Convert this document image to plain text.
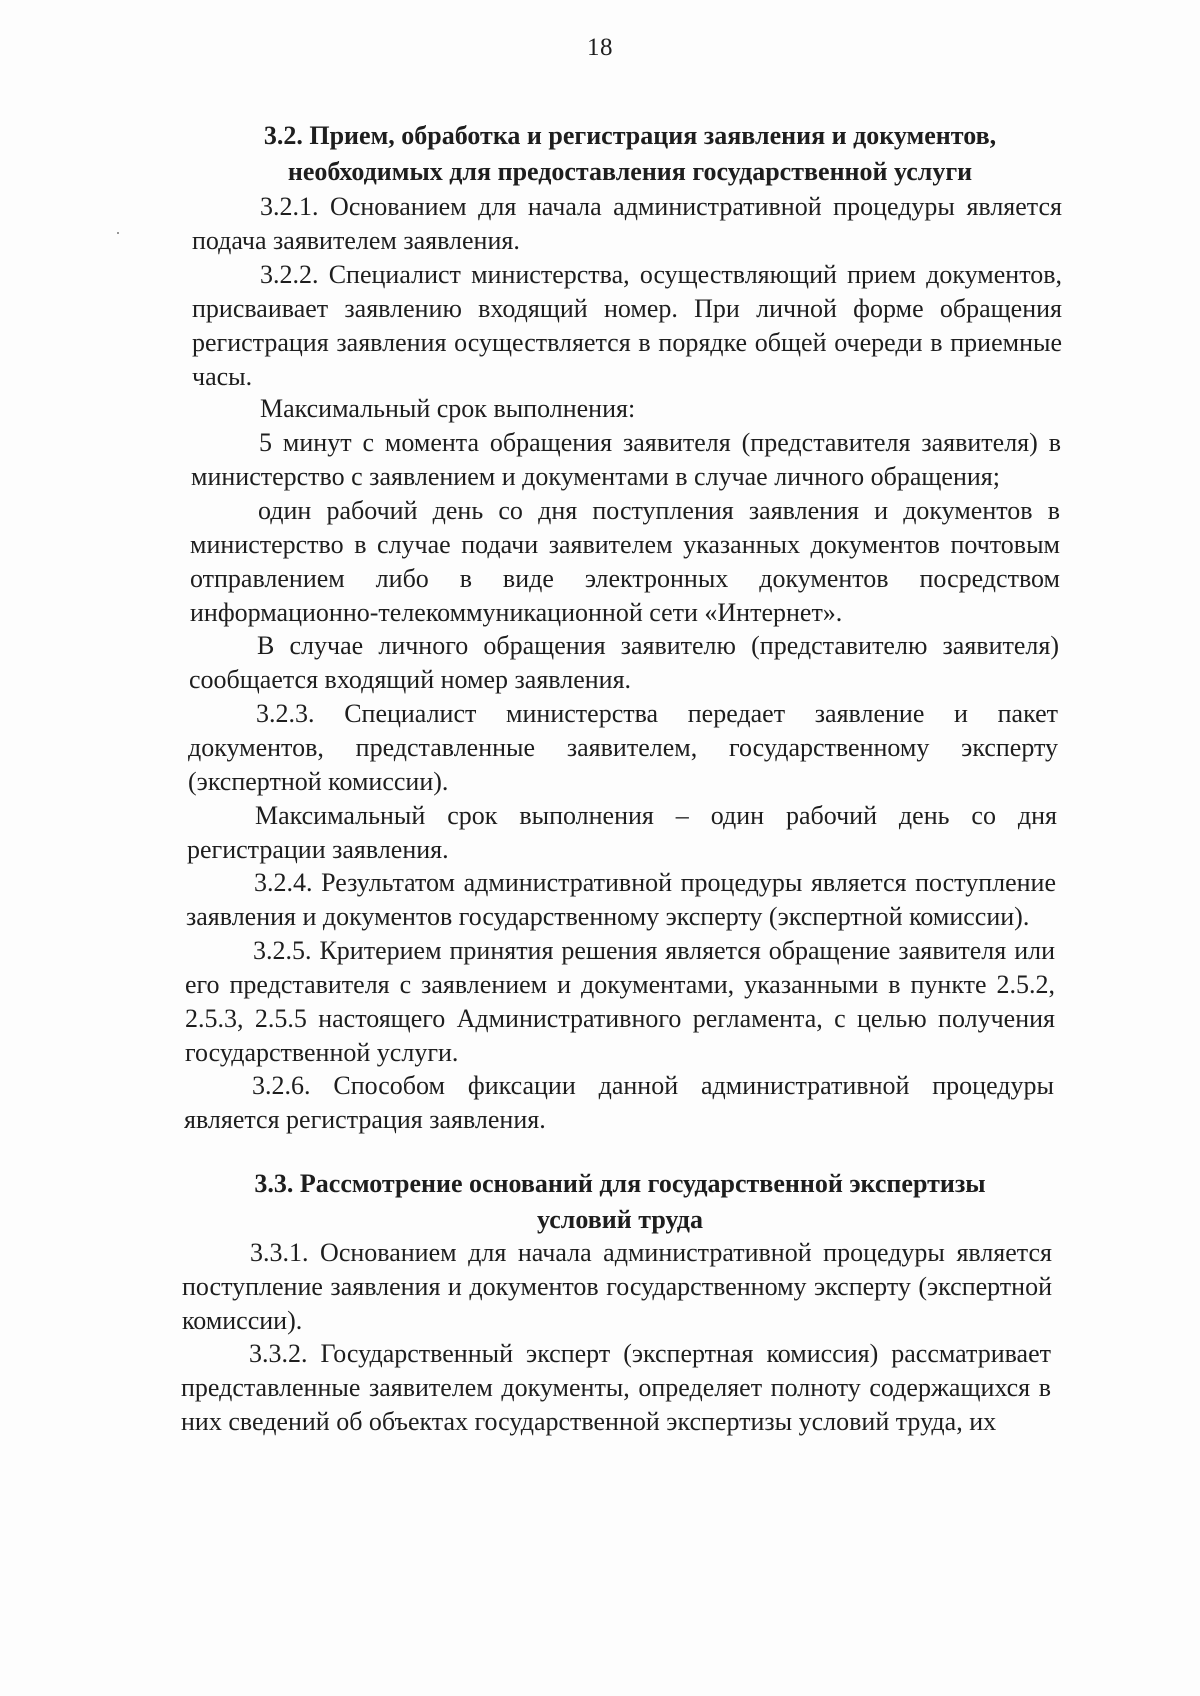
18
3.2. Прием, обработка и регистрация заявления и документов,
необходимых для предоставления государственной услуги
3.2.1. Основанием для начала административной процедуры является подача заявителем заявления.
3.2.2. Специалист министерства, осуществляющий прием документов, присваивает заявлению входящий номер. При личной форме обращения регистрация заявления осуществляется в порядке общей очереди в приемные часы.
Максимальный срок выполнения:
5 минут с момента обращения заявителя (представителя заявителя) в министерство с заявлением и документами в случае личного обращения;
один рабочий день со дня поступления заявления и документов в министерство в случае подачи заявителем указанных документов почтовым отправлением либо в виде электронных документов посредством информационно-телекоммуникационной сети «Интернет».
В случае личного обращения заявителю (представителю заявителя) сообщается входящий номер заявления.
3.2.3. Специалист министерства передает заявление и пакет документов, представленные заявителем, государственному эксперту (экспертной комиссии).
Максимальный срок выполнения – один рабочий день со дня регистрации заявления.
3.2.4. Результатом административной процедуры является поступление заявления и документов государственному эксперту (экспертной комиссии).
3.2.5. Критерием принятия решения является обращение заявителя или его представителя с заявлением и документами, указанными в пункте 2.5.2, 2.5.3, 2.5.5 настоящего Административного регламента, с целью получения государственной услуги.
3.2.6. Способом фиксации данной административной процедуры является регистрация заявления.
3.3. Рассмотрение оснований для государственной экспертизы
условий труда
3.3.1. Основанием для начала административной процедуры является поступление заявления и документов государственному эксперту (экспертной комиссии).
3.3.2. Государственный эксперт (экспертная комиссия) рассматривает представленные заявителем документы, определяет полноту содержащихся в них сведений об объектах государственной экспертизы условий труда, их
